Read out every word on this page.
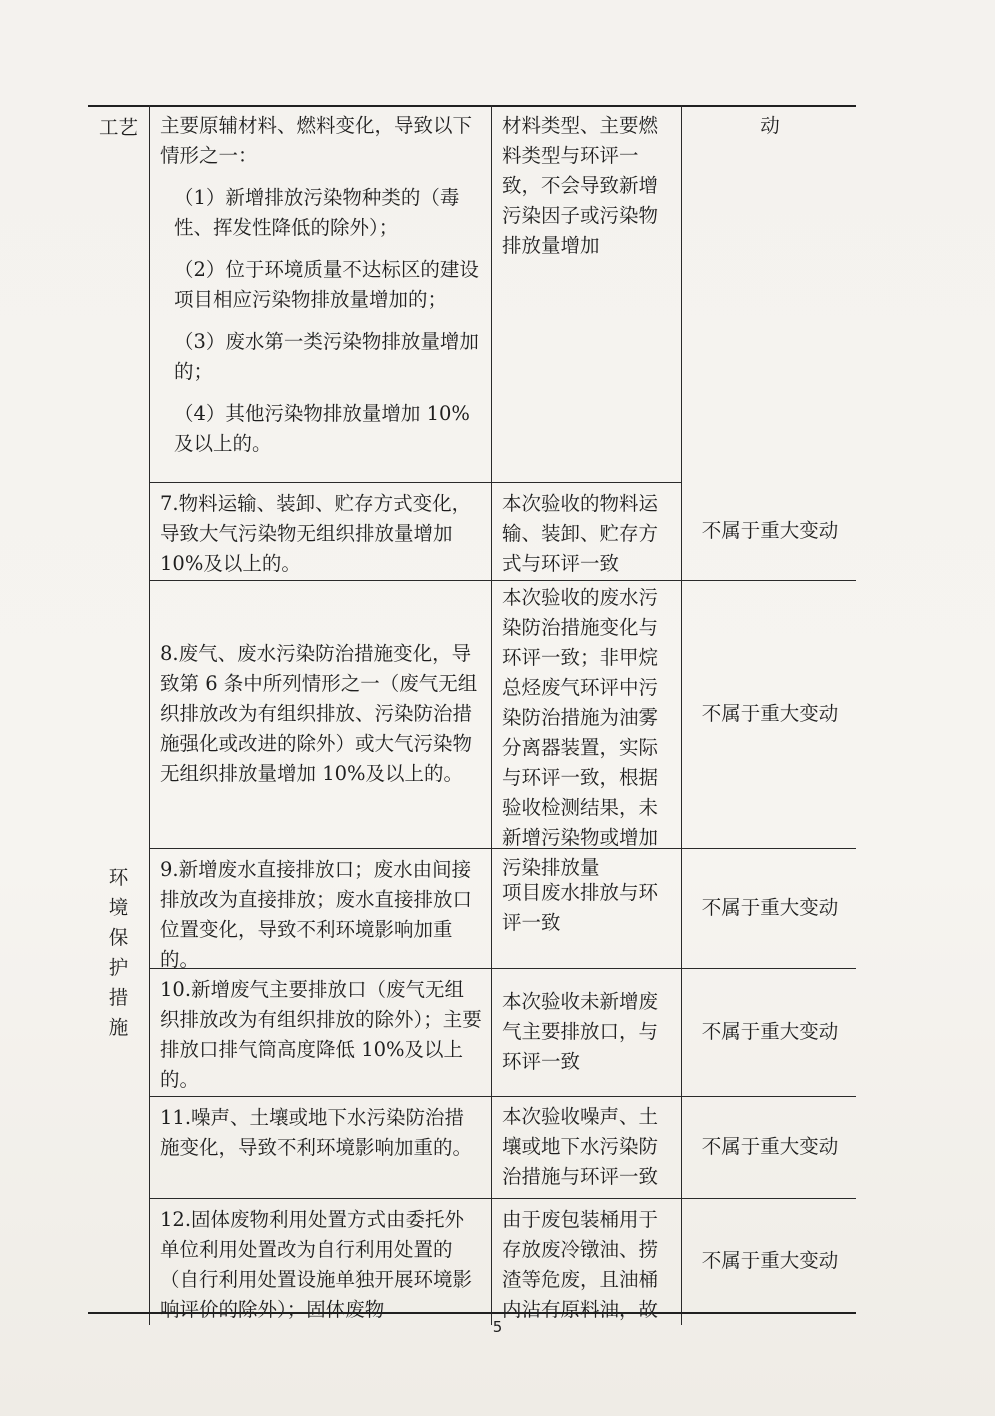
工艺 主要原辅材料、燃料变化，导致以下情形之一：

（1）新增排放污染物种类的（毒性、挥发性降低的除外）；

（2）位于环境质量不达标区的建设项目相应污染物排放量增加的；

（3）废水第一类污染物排放量增加的；

（4）其他污染物排放量增加 10%及以上的。

材料类型、主要燃料类型与环评一致，不会导致新增污染因子或污染物排放量增加
动
7.物料运输、装卸、贮存方式变化，导致大气污染物无组织排放量增加 10%及以上的。
本次验收的物料运输、装卸、贮存方式与环评一致
不属于重大变动
环境保护措施
8.废气、废水污染防治措施变化，导致第 6 条中所列情形之一（废气无组织排放改为有组织排放、污染防治措施强化或改进的除外）或大气污染物无组织排放量增加 10%及以上的。
本次验收的废水污染防治措施变化与环评一致；非甲烷总烃废气环评中污染防治措施为油雾分离器装置，实际与环评一致，根据验收检测结果，未新增污染物或增加污染排放量
不属于重大变动
9.新增废水直接排放口；废水由间接排放改为直接排放；废水直接排放口位置变化，导致不利环境影响加重的。
项目废水排放与环评一致
不属于重大变动
10.新增废气主要排放口（废气无组织排放改为有组织排放的除外）；主要排放口排气筒高度降低 10%及以上的。
本次验收未新增废气主要排放口，与环评一致
不属于重大变动
11.噪声、土壤或地下水污染防治措施变化，导致不利环境影响加重的。
本次验收噪声、土壤或地下水污染防治措施与环评一致
不属于重大变动
12.固体废物利用处置方式由委托外单位利用处置改为自行利用处置的（自行利用处置设施单独开展环境影响评价的除外）；固体废物
由于废包装桶用于存放废冷镦油、捞渣等危废，且油桶内沾有原料油，故
不属于重大变动
5
